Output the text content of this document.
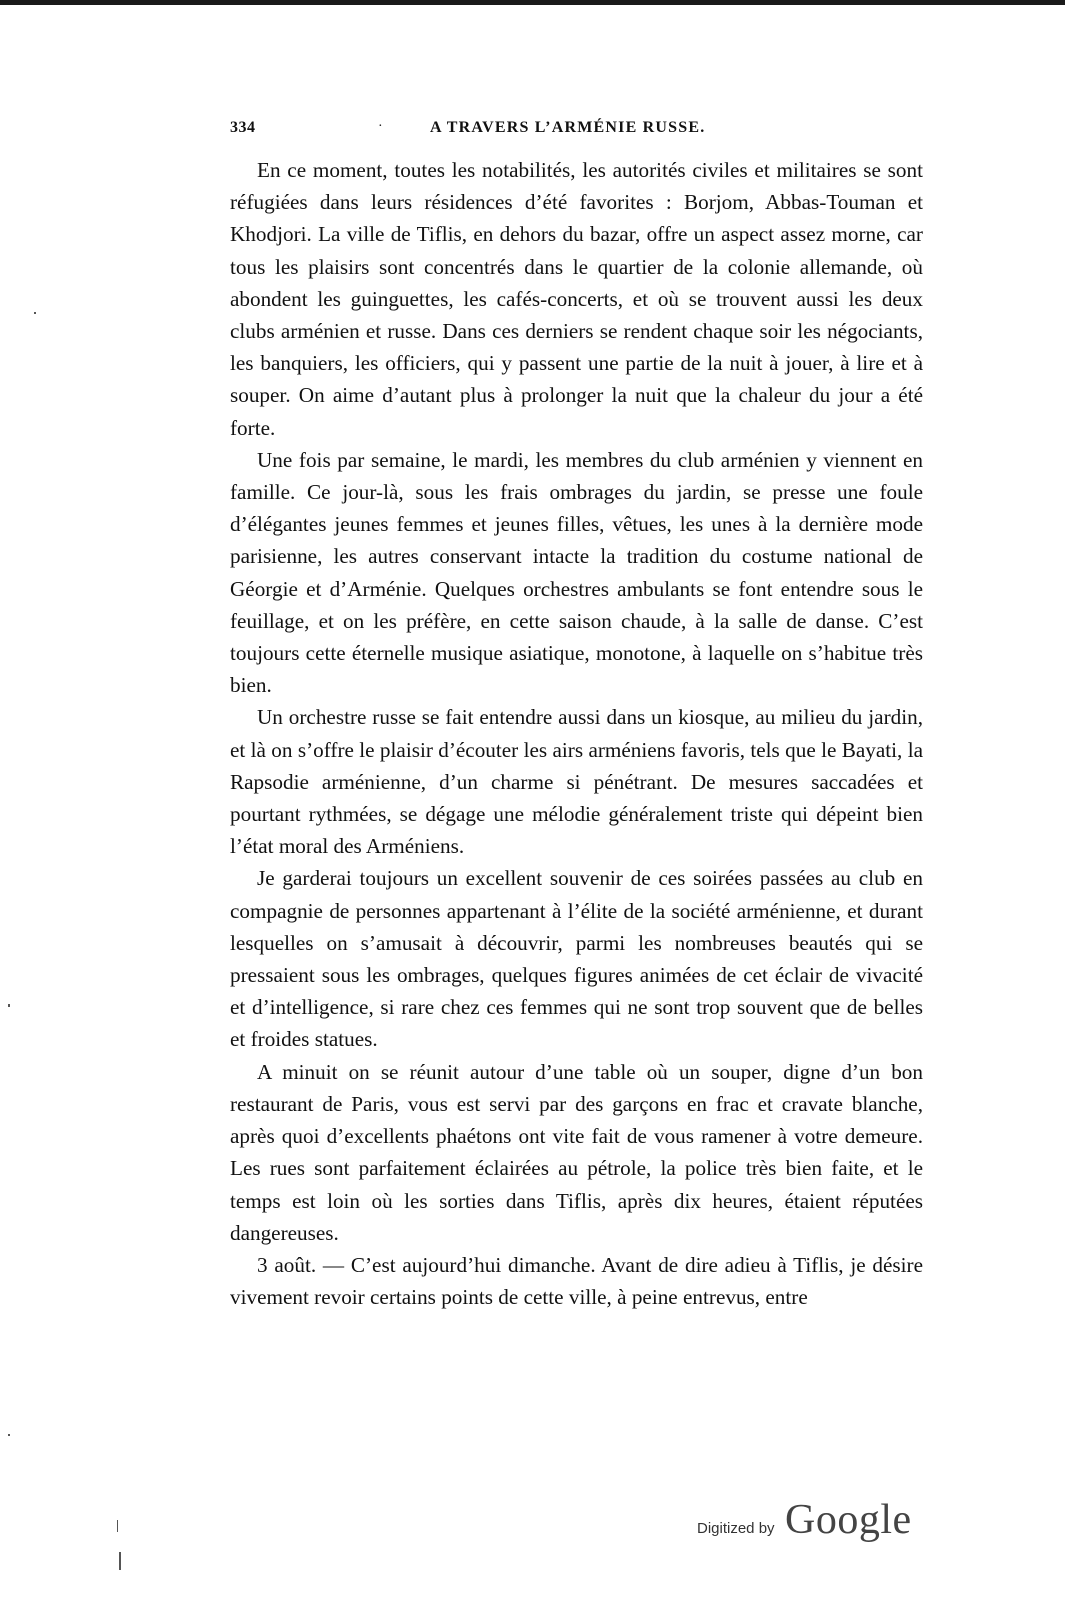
334	·	A TRAVERS L’ARMÉNIE RUSSE.

En ce moment, toutes les notabilités, les autorités civiles et militaires se sont réfugiées dans leurs résidences d’été favorites : Borjom, Abbas-Touman et Khodjori. La ville de Tiflis, en dehors du bazar, offre un aspect assez morne, car tous les plaisirs sont concentrés dans le quartier de la colonie allemande, où abondent les guinguettes, les cafés-concerts, et où se trouvent aussi les deux clubs arménien et russe. Dans ces derniers se rendent chaque soir les négociants, les banquiers, les officiers, qui y passent une partie de la nuit à jouer, à lire et à souper. On aime d’autant plus à prolonger la nuit que la chaleur du jour a été forte.

Une fois par semaine, le mardi, les membres du club arménien y viennent en famille. Ce jour-là, sous les frais ombrages du jardin, se presse une foule d’élégantes jeunes femmes et jeunes filles, vêtues, les unes à la dernière mode parisienne, les autres conservant intacte la tradition du costume national de Géorgie et d’Arménie. Quelques orchestres ambulants se font entendre sous le feuillage, et on les préfère, en cette saison chaude, à la salle de danse. C’est toujours cette éternelle musique asiatique, monotone, à laquelle on s’habitue très bien.

Un orchestre russe se fait entendre aussi dans un kiosque, au milieu du jardin, et là on s’offre le plaisir d’écouter les airs arméniens favoris, tels que le Bayati, la Rapsodie arménienne, d’un charme si pénétrant. De mesures saccadées et pourtant rythmées, se dégage une mélodie généralement triste qui dépeint bien l’état moral des Arméniens.

Je garderai toujours un excellent souvenir de ces soirées passées au club en compagnie de personnes appartenant à l’élite de la société arménienne, et durant lesquelles on s’amusait à découvrir, parmi les nombreuses beautés qui se pressaient sous les ombrages, quelques figures animées de cet éclair de vivacité et d’intelligence, si rare chez ces femmes qui ne sont trop souvent que de belles et froides statues.

A minuit on se réunit autour d’une table où un souper, digne d’un bon restaurant de Paris, vous est servi par des garçons en frac et cravate blanche, après quoi d’excellents phaétons ont vite fait de vous ramener à votre demeure. Les rues sont parfaitement éclairées au pétrole, la police très bien faite, et le temps est loin où les sorties dans Tiflis, après dix heures, étaient réputées dangereuses.

3 août. — C’est aujourd’hui dimanche. Avant de dire adieu à Tiflis, je désire vivement revoir certains points de cette ville, à peine entrevus, entre

Digitized by Google
